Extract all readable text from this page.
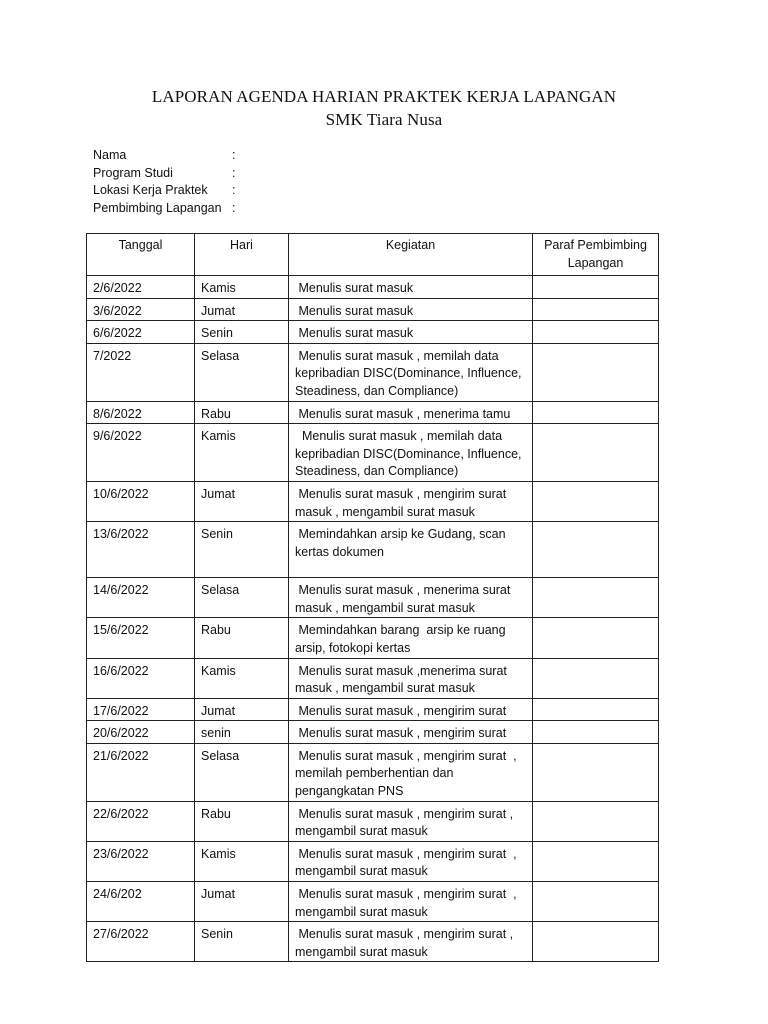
LAPORAN AGENDA HARIAN PRAKTEK KERJA LAPANGAN
SMK Tiara Nusa
Nama	:
Program Studi	:
Lokasi Kerja Praktek :
Pembimbing Lapangan :
Tanggal	Hari	Kegiatan	Paraf Pembimbing Lapangan
2/6/2022	Kamis	Menulis surat masuk	
3/6/2022	Jumat	Menulis surat masuk	
6/6/2022	Senin	Menulis surat masuk	
7/2022	Selasa	Menulis surat masuk , memilah data kepribadian DISC(Dominance, Influence, Steadiness, dan Compliance)	
8/6/2022	Rabu	Menulis surat masuk , menerima tamu	
9/6/2022	Kamis	Menulis surat masuk , memilah data kepribadian DISC(Dominance, Influence, Steadiness, dan Compliance)	
10/6/2022	Jumat	Menulis surat masuk , mengirim surat masuk , mengambil surat masuk	
13/6/2022	Senin	Memindahkan arsip ke Gudang, scan kertas dokumen	
14/6/2022	Selasa	Menulis surat masuk , menerima surat masuk , mengambil surat masuk	
15/6/2022	Rabu	Memindahkan barang  arsip ke ruang arsip, fotokopi kertas	
16/6/2022	Kamis	Menulis surat masuk ,menerima surat masuk , mengambil surat masuk	
17/6/2022	Jumat	Menulis surat masuk , mengirim surat	
20/6/2022	senin	Menulis surat masuk , mengirim surat	
21/6/2022	Selasa	Menulis surat masuk , mengirim surat  , memilah pemberhentian dan pengangkatan PNS	
22/6/2022	Rabu	Menulis surat masuk , mengirim surat , mengambil surat masuk	
23/6/2022	Kamis	Menulis surat masuk , mengirim surat  , mengambil surat masuk	
24/6/202	Jumat	Menulis surat masuk , mengirim surat  , mengambil surat masuk	
27/6/2022	Senin	Menulis surat masuk , mengirim surat , mengambil surat masuk	
